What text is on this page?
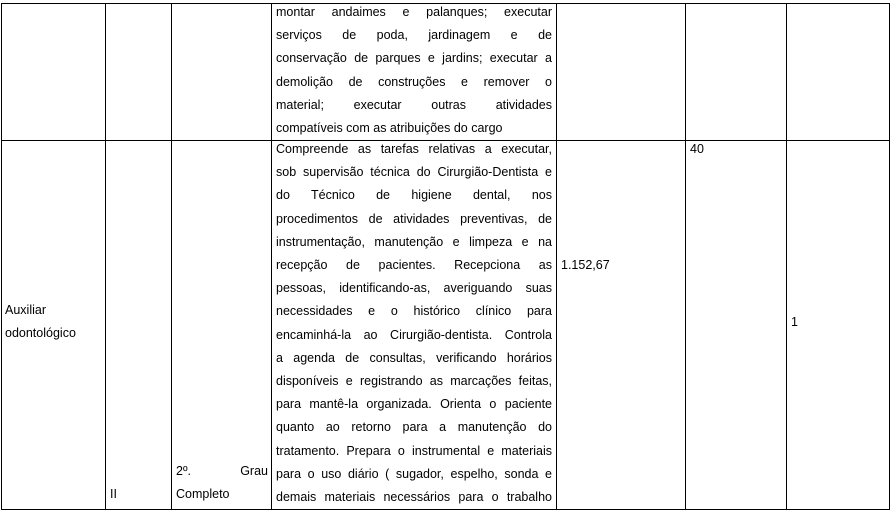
montar andaimes e palanques; executar
serviços de poda, jardinagem e de
conservação de parques e jardins; executar a
demolição de construções e remover o
material; executar outras atividades
compatíveis com as atribuições do cargo
Auxiliar
odontológico
II
2º.	Grau
Completo
Compreende as tarefas relativas a executar,
sob supervisão técnica do Cirurgião-Dentista e
do Técnico de higiene dental, nos
procedimentos de atividades preventivas, de
instrumentação, manutenção e limpeza e na
recepção de pacientes. Recepciona as
pessoas, identificando-as, averiguando suas
necessidades e o histórico clínico para
encaminhá-la ao Cirurgião-dentista. Controla
a agenda de consultas, verificando horários
disponíveis e registrando as marcações feitas,
para mantê-la organizada. Orienta o paciente
quanto ao retorno para a manutenção do
tratamento. Prepara o instrumental e materiais
para o uso diário ( sugador, espelho, sonda e
demais materiais necessários para o trabalho
1.152,67
40
1
